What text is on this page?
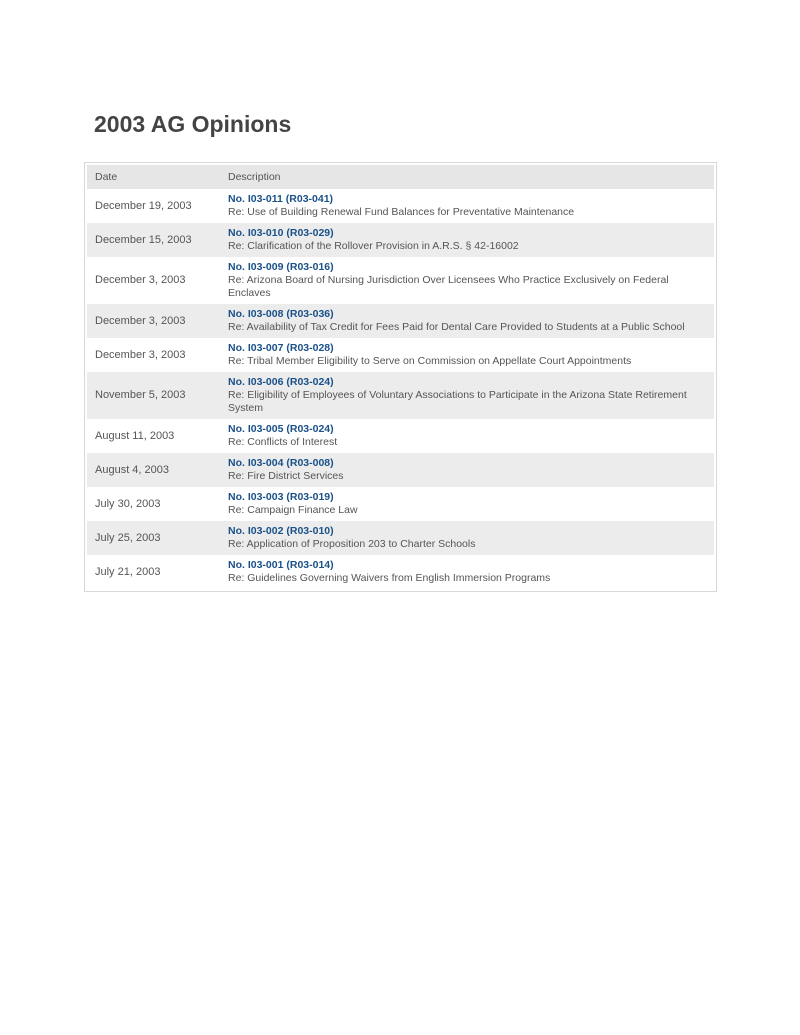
2003 AG Opinions
Date	Description
December 19, 2003	No. I03-011 (R03-041)
Re: Use of Building Renewal Fund Balances for Preventative Maintenance

December 15, 2003	No. I03-010 (R03-029)
Re: Clarification of the Rollover Provision in A.R.S. § 42-16002

December 3, 2003	No. I03-009 (R03-016)
Re: Arizona Board of Nursing Jurisdiction Over Licensees Who Practice Exclusively on Federal Enclaves

December 3, 2003	No. I03-008 (R03-036)
Re: Availability of Tax Credit for Fees Paid for Dental Care Provided to Students at a Public School

December 3, 2003	No. I03-007 (R03-028)
Re: Tribal Member Eligibility to Serve on Commission on Appellate Court Appointments

November 5, 2003	No. I03-006 (R03-024)
Re: Eligibility of Employees of Voluntary Associations to Participate in the Arizona State Retirement System

August 11, 2003	No. I03-005 (R03-024)
Re: Conflicts of Interest

August 4, 2003	No. I03-004 (R03-008)
Re: Fire District Services

July 30, 2003	No. I03-003 (R03-019)
Re: Campaign Finance Law

July 25, 2003	No. I03-002 (R03-010)
Re: Application of Proposition 203 to Charter Schools

July 21, 2003	No. I03-001 (R03-014)
Re: Guidelines Governing Waivers from English Immersion Programs
